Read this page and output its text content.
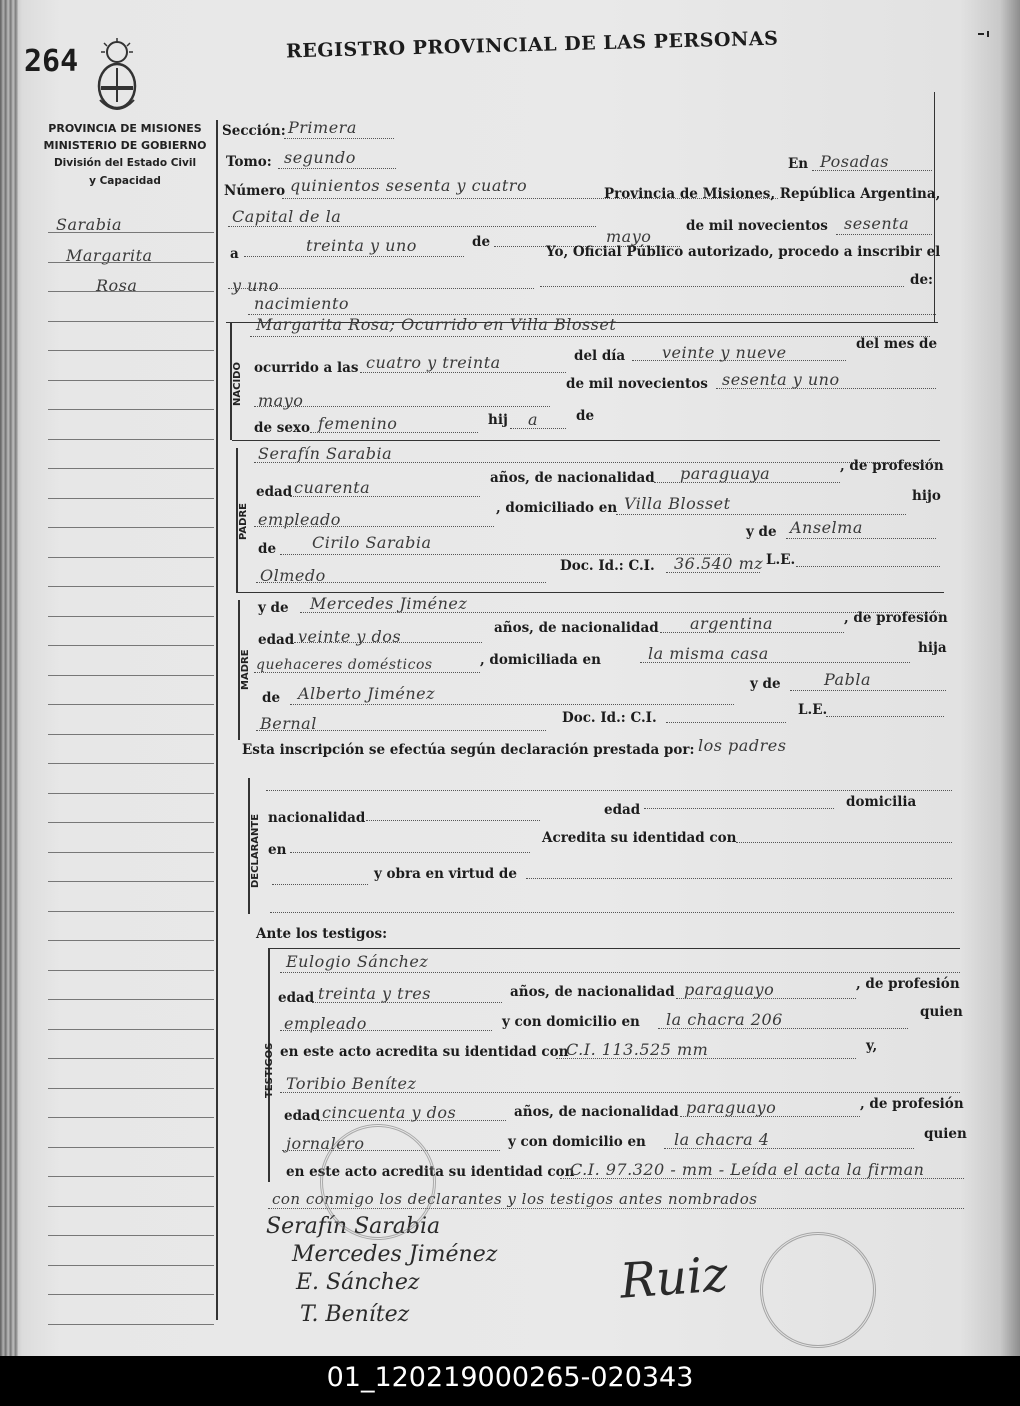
264	REGISTRO PROVINCIAL DE LAS PERSONAS
PROVINCIA DE MISIONES
MINISTERIO DE GOBIERNO
División del Estado Civil
y Capacidad
Sarabia
Margarita
Rosa
Sección: Primera
Tomo: segundo	En Posadas
Número quinientos sesenta y cuatro
Capital de la
Provincia de Misiones, República Argentina,
a	treinta y uno	de	mayo
de mil novecientos sesenta
y uno
Yo, Oficial Público autorizado, procedo a inscribir el
de:
nacimiento
NACIDO
Margarita Rosa; Ocurrido en Villa Blosset
ocurrido a las cuatro y treinta	del día veinte y nueve	del mes de
mayo
de mil novecientos sesenta y uno
de sexo femenino	hij a	de
PADRE
Serafín Sarabia
edad cuarenta	años, de nacionalidad paraguaya	, de profesión
empleado
, domiciliado en Villa Blosset	hijo
de Cirilo Sarabia
y de Anselma
Olmedo	Doc. Id.: C.I. 36.540 mz L.E.
MADRE
y de Mercedes Jiménez
edad veinte y dos	años, de nacionalidad argentina	, de profesión
quehaceres domésticos	, domiciliada en	la misma casa	hija
de Alberto Jiménez	y de	Pabla
Bernal	Doc. Id.: C.I.	L.E.
Esta inscripción se efectúa según declaración prestada por: los padres
DECLARANTE nacionalidad	edad	domicilia
en
Acredita su identidad con
y obra en virtud de
Ante los testigos:
TESTIGOS
Eulogio Sánchez
edad treinta y tres	años, de nacionalidad paraguayo	, de profesión
empleado	y con domicilio en la chacra 206	quien
en este acto acredita su identidad con
C.I. 113.525 mm	y,
Toribio Benítez
edad cincuenta y dos	años, de nacionalidad paraguayo	, de profesión
jornalero	y con domicilio en la chacra 4	quien
en este acto acredita su identidad con
C.I. 97.320 - mm - Leída el acta la firman
con conmigo los declarantes y los testigos antes nombrados
Serafín Sarabia
Mercedes Jiménez
E. Sánchez
T. Benítez
Ruiz
01_120219000265-020343
